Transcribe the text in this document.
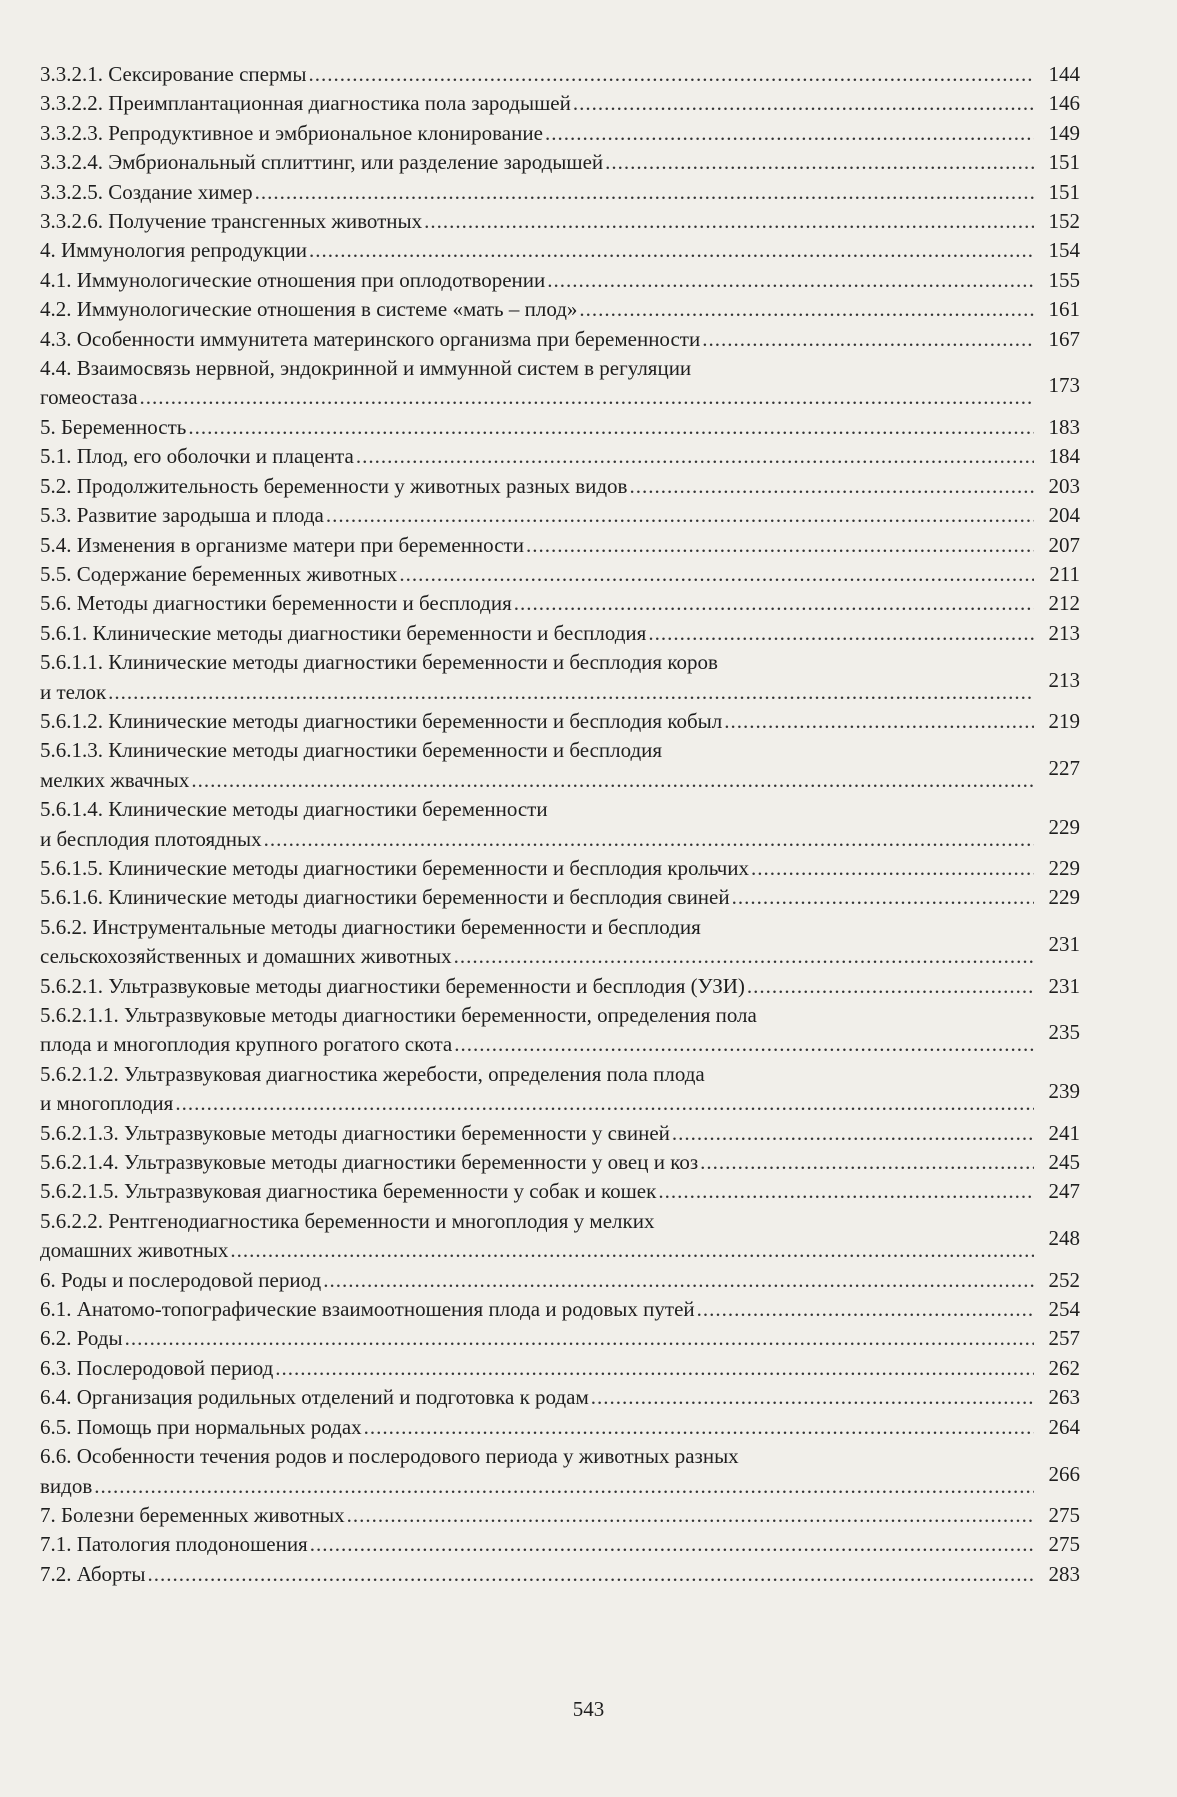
3.3.2.1. Сексирование спермы .....	144
3.3.2.2. Преимплантационная диагностика пола зародышей .....	146
3.3.2.3. Репродуктивное и эмбриональное клонирование .....	149
3.3.2.4. Эмбриональный сплиттинг, или разделение зародышей .....	151
3.3.2.5. Создание химер .....	151
3.3.2.6. Получение трансгенных животных .....	152
4. Иммунология репродукции .....	154
4.1. Иммунологические отношения при оплодотворении .....	155
4.2. Иммунологические отношения в системе «мать – плод» .....	161
4.3. Особенности иммунитета материнского организма при беременности .....	167
4.4. Взаимосвязь нервной, эндокринной и иммунной систем в регуляции
гомеостаза .....	173
5. Беременность .....	183
5.1. Плод, его оболочки и плацента .....	184
5.2. Продолжительность беременности у животных разных видов .....	203
5.3. Развитие зародыша и плода .....	204
5.4. Изменения в организме матери при беременности .....	207
5.5. Содержание беременных животных .....	211
5.6. Методы диагностики беременности и бесплодия .....	212
5.6.1. Клинические методы диагностики беременности и бесплодия .....	213
5.6.1.1. Клинические методы диагностики беременности и бесплодия коров
и телок .....	213
5.6.1.2. Клинические методы диагностики беременности и бесплодия кобыл .....	219
5.6.1.3. Клинические методы диагностики беременности и бесплодия
мелких жвачных .....	227
5.6.1.4. Клинические методы диагностики беременности
и бесплодия плотоядных .....	229
5.6.1.5. Клинические методы диагностики беременности и бесплодия крольчих .....	229
5.6.1.6. Клинические методы диагностики беременности и бесплодия свиней .....	229
5.6.2. Инструментальные методы диагностики беременности и бесплодия
сельскохозяйственных и домашних животных .....	231
5.6.2.1. Ультразвуковые методы диагностики беременности и бесплодия (УЗИ) .....	231
5.6.2.1.1. Ультразвуковые методы диагностики беременности, определения пола
плода и многоплодия крупного рогатого скота .....	235
5.6.2.1.2. Ультразвуковая диагностика жеребости, определения пола плода
и многоплодия .....	239
5.6.2.1.3. Ультразвуковые методы диагностики беременности у свиней .....	241
5.6.2.1.4. Ультразвуковые методы диагностики беременности у овец и коз .....	245
5.6.2.1.5. Ультразвуковая диагностика беременности у собак и кошек .....	247
5.6.2.2. Рентгенодиагностика беременности и многоплодия у мелких
домашних животных .....	248
6. Роды и послеродовой период .....	252
6.1. Анатомо-топографические взаимоотношения плода и родовых путей .....	254
6.2. Роды .....	257
6.3. Послеродовой период .....	262
6.4. Организация родильных отделений и подготовка к родам .....	263
6.5. Помощь при нормальных родах .....	264
6.6. Особенности течения родов и послеродового периода у животных разных
видов .....	266
7. Болезни беременных животных .....	275
7.1. Патология плодоношения .....	275
7.2. Аборты .....	283
543
